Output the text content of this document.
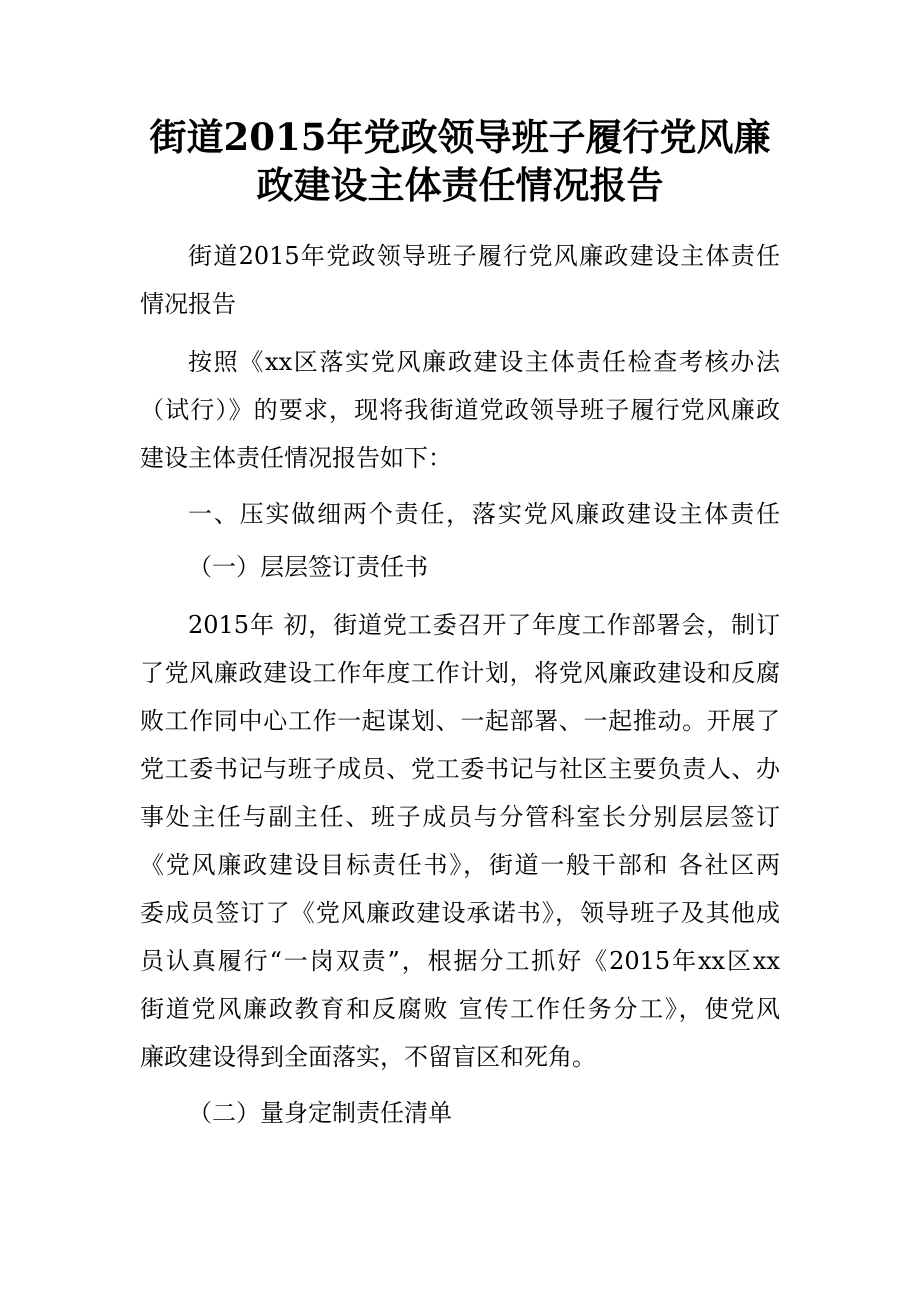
街道2015年党政领导班子履行党风廉
政建设主体责任情况报告

街道2015年党政领导班子履行党风廉政建设主体责任

情况报告

按照《xx区落实党风廉政建设主体责任检查考核办法

（试行）》的要求，现将我街道党政领导班子履行党风廉政

建设主体责任情况报告如下：

一、压实做细两个责任，落实党风廉政建设主体责任

（一）层层签订责任书

2015年 初，街道党工委召开了年度工作部署会，制订

了党风廉政建设工作年度工作计划，将党风廉政建设和反腐

败工作同中心工作一起谋划、一起部署、一起推动。开展了

党工委书记与班子成员、党工委书记与社区主要负责人、办

事处主任与副主任、班子成员与分管科室长分别层层签订

《党风廉政建设目标责任书》，街道一般干部和 各社区两

委成员签订了《党风廉政建设承诺书》，领导班子及其他成

员认真履行“一岗双责”，根据分工抓好《2015年xx区xx

街道党风廉政教育和反腐败 宣传工作任务分工》，使党风

廉政建设得到全面落实，不留盲区和死角。

（二）量身定制责任清单
